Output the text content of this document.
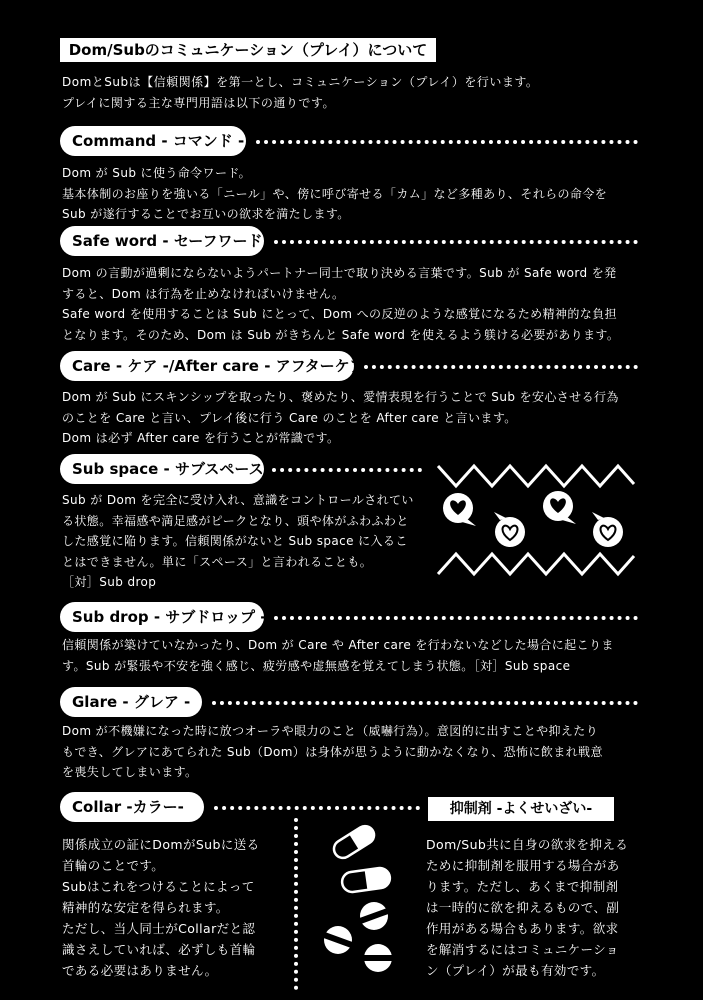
Dom/Subのコミュニケーション（プレイ）について
DomとSubは【信頼関係】を第一とし、コミュニケーション（プレイ）を行います。
プレイに関する主な専門用語は以下の通りです。
Command - コマンド -
Dom が Sub に使う命令ワード。
基本体制のお座りを強いる「ニール」や、傍に呼び寄せる「カム」など多種あり、それらの命令を
Sub が遂行することでお互いの欲求を満たします。
Safe word - セーフワード -
Dom の言動が過剰にならないようパートナー同士で取り決める言葉です。Sub が Safe word を発
すると、Dom は行為を止めなければいけません。
Safe word を使用することは Sub にとって、Dom への反逆のような感覚になるため精神的な負担
となります。そのため、Dom は Sub がきちんと Safe word を使えるよう躾ける必要があります。
Care - ケア -/After care - アフターケア -
Dom が Sub にスキンシップを取ったり、褒めたり、愛情表現を行うことで Sub を安心させる行為
のことを Care と言い、プレイ後に行う Care のことを After care と言います。
Dom は必ず After care を行うことが常識です。
Sub space - サブスペース -
Sub が Dom を完全に受け入れ、意識をコントロールされてい
る状態。幸福感や満足感がピークとなり、頭や体がふわふわと
した感覚に陥ります。信頼関係がないと Sub space に入るこ
とはできません。単に「スペース」と言われることも。
［対］Sub drop
Sub drop - サブドロップ -
信頼関係が築けていなかったり、Dom が Care や After care を行わないなどした場合に起こりま
す。Sub が緊張や不安を強く感じ、疲労感や虚無感を覚えてしまう状態。［対］Sub space
Glare - グレア -
Dom が不機嫌になった時に放つオーラや眼力のこと（威嚇行為）。意図的に出すことや抑えたり
もでき、グレアにあてられた Sub（Dom）は身体が思うように動かなくなり、恐怖に飲まれ戦意
を喪失してしまいます。
Collar -カラー-
関係成立の証にDomがSubに送る
首輪のことです。
Subはこれをつけることによって
精神的な安定を得られます。
ただし、当人同士がCollarだと認
識さえしていれば、必ずしも首輪
である必要はありません。
抑制剤 -よくせいざい-
Dom/Sub共に自身の欲求を抑える
ために抑制剤を服用する場合があ
ります。ただし、あくまで抑制剤
は一時的に欲を抑えるもので、副
作用がある場合もあります。欲求
を解消するにはコミュニケーショ
ン（プレイ）が最も有効です。
